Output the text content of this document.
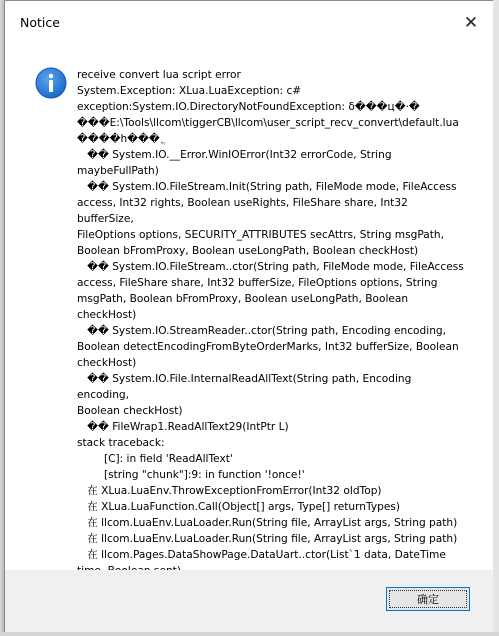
Notice	✕
receive convert lua script error
System.Exception: XLua.LuaException: c#
exception:System.IO.DirectoryNotFoundException: δ���ц�·�
���E:\Tools\llcom\tiggerCB\llcom\user_script_recv_convert\default.lua
����h���ֲ
�� System.IO.__Error.WinIOError(Int32 errorCode, String
maybeFullPath)
�� System.IO.FileStream.Init(String path, FileMode mode, FileAccess
access, Int32 rights, Boolean useRights, FileShare share, Int32 bufferSize,
FileOptions options, SECURITY_ATTRIBUTES secAttrs, String msgPath,
Boolean bFromProxy, Boolean useLongPath, Boolean checkHost)
�� System.IO.FileStream..ctor(String path, FileMode mode, FileAccess
access, FileShare share, Int32 bufferSize, FileOptions options, String
msgPath, Boolean bFromProxy, Boolean useLongPath, Boolean
checkHost)
�� System.IO.StreamReader..ctor(String path, Encoding encoding,
Boolean detectEncodingFromByteOrderMarks, Int32 bufferSize, Boolean
checkHost)
�� System.IO.File.InternalReadAllText(String path, Encoding encoding,
Boolean checkHost)
�� FileWrap1.ReadAllText29(IntPtr L)
stack traceback:
	[C]: in field 'ReadAllText'
	[string "chunk"]:9: in function '!once!'
在 XLua.LuaEnv.ThrowExceptionFromError(Int32 oldTop)
在 XLua.LuaFunction.Call(Object[] args, Type[] returnTypes)
在 llcom.LuaEnv.LuaLoader.Run(String file, ArrayList args, String path)
在 llcom.LuaEnv.LuaLoader.Run(String file, ArrayList args, String path)
在 llcom.Pages.DataShowPage.DataUart..ctor(List`1 data, DateTime

确定
